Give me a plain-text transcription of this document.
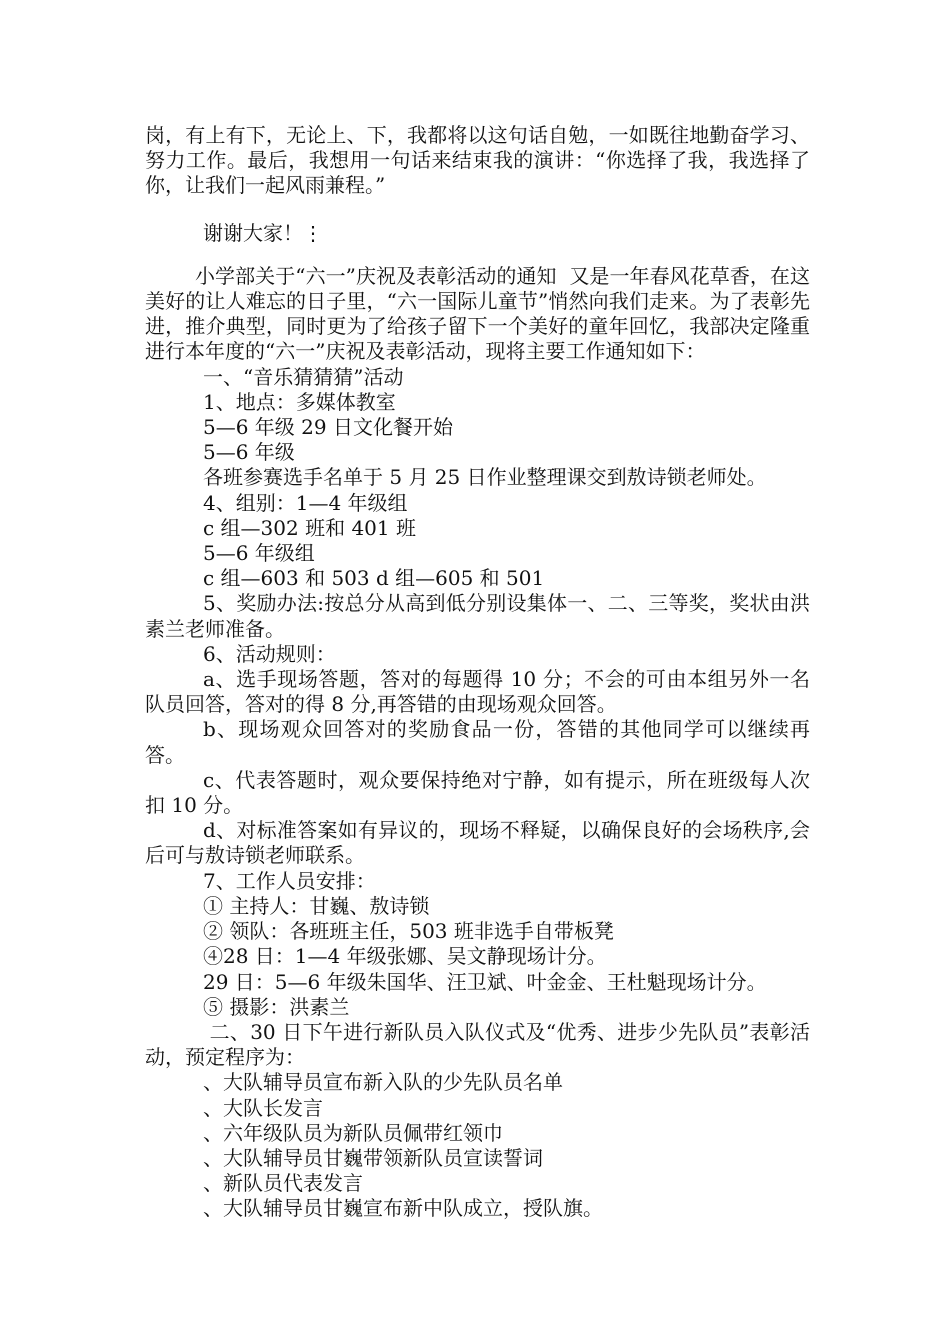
岗，有上有下，无论上、下，我都将以这句话自勉，一如既往地勤奋学习、努力工作。最后，我想用一句话来结束我的演讲：“你选择了我，我选择了你，让我们一起风雨兼程。”

谢谢大家！⋮

小学部关于“六一”庆祝及表彰活动的通知  又是一年春风花草香，在这美好的让人难忘的日子里，“六一国际儿童节”悄然向我们走来。为了表彰先进，推介典型，同时更为了给孩子留下一个美好的童年回忆，我部决定隆重进行本年度的“六一”庆祝及表彰活动，现将主要工作通知如下：

一、“音乐猜猜猜”活动

1、地点：多媒体教室

5—6 年级 29 日文化餐开始

5—6 年级

各班参赛选手名单于 5 月 25 日作业整理课交到敖诗锁老师处。

4、组别：1—4 年级组

c 组—302 班和 401 班

5—6 年级组

c 组—603 和 503 d 组—605 和 501

5、奖励办法:按总分从高到低分别设集体一、二、三等奖，奖状由洪素兰老师准备。

6、活动规则：

a、选手现场答题，答对的每题得 10 分；不会的可由本组另外一名队员回答，答对的得 8 分,再答错的由现场观众回答。

b、现场观众回答对的奖励食品一份，答错的其他同学可以继续再答。

c、代表答题时，观众要保持绝对宁静，如有提示，所在班级每人次扣 10 分。

d、对标准答案如有异议的，现场不释疑，以确保良好的会场秩序,会后可与敖诗锁老师联系。

7、工作人员安排：

① 主持人：甘巍、敖诗锁

② 领队：各班班主任，503 班非选手自带板凳

④28 日：1—4 年级张娜、吴文静现场计分。

29 日：5—6 年级朱国华、汪卫斌、叶金金、王杜魁现场计分。

⑤ 摄影：洪素兰

二、30 日下午进行新队员入队仪式及“优秀、进步少先队员”表彰活动，预定程序为：

、大队辅导员宣布新入队的少先队员名单

、大队长发言

、六年级队员为新队员佩带红领巾

、大队辅导员甘巍带领新队员宣读誓词

、新队员代表发言

、大队辅导员甘巍宣布新中队成立，授队旗。
